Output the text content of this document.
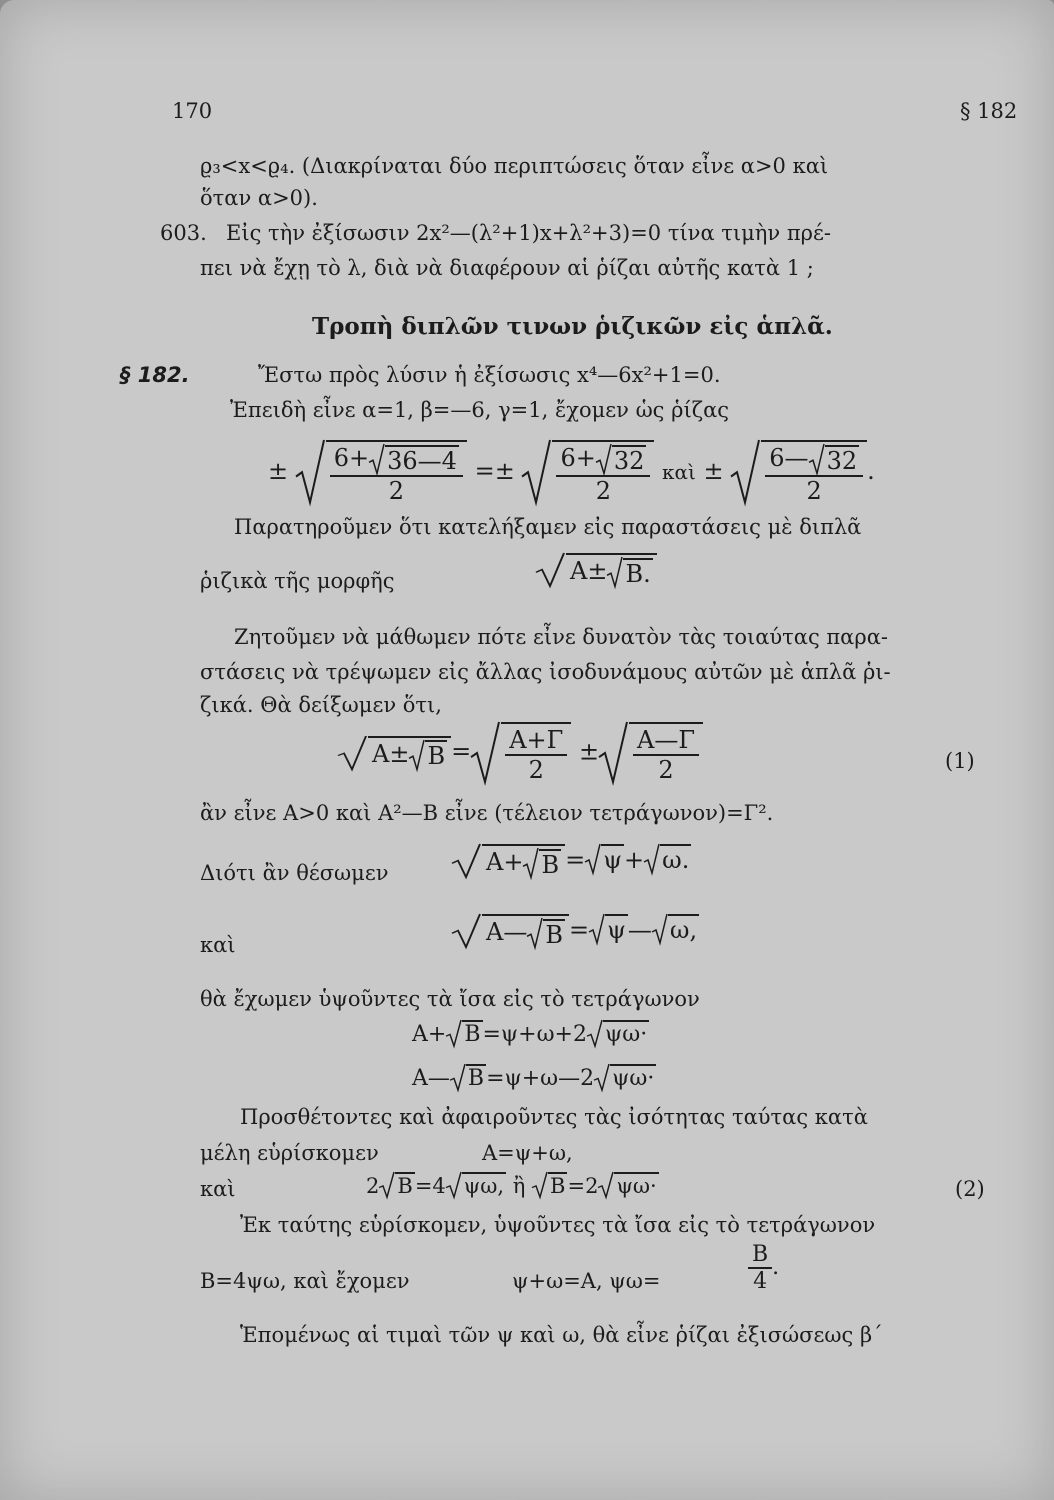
170	§ 182
ϱ₃<x<ϱ₄. (Διακρίναται δύο περιπτώσεις ὅταν εἶνε α>0 καὶ
ὅταν α>0).
603. Εἰς τὴν ἐξίσωσιν 2x²—(λ²+1)x+λ²+3)=0 τίνα τιμὴν πρέ-
πει νὰ ἔχῃ τὸ λ, διὰ νὰ διαφέρουν αἱ ῥίζαι αὐτῆς κατὰ 1 ;
Τροπὴ διπλῶν τινων ῥιζικῶν εἰς ἁπλᾶ.
§ 182.	Ἔστω πρὸς λύσιν ἡ ἐξίσωσις x⁴—6x²+1=0.
Ἐπειδὴ εἶνε α=1, β=—6, γ=1, ἔχομεν ὡς ῥίζας
± $\frac{6+ 36—4}{2} =\pm \frac{6+ 32}{2}$ καὶ ± $\frac{6— 32}{2}$ .
Παρατηροῦμεν ὅτι κατελήξαμεν εἰς παραστάσεις μὲ διπλᾶ
ῥιζικὰ τῆς μορφῆς	Α± Β.
Ζητοῦμεν νὰ μάθωμεν πότε εἶνε δυνατὸν τὰς τοιαύτας παρα-
στάσεις νὰ τρέψωμεν εἰς ἄλλας ἰσοδυνάμους αὐτῶν μὲ ἁπλᾶ ῥι-
ζικά. Θὰ δείξωμεν ὅτι,
$A\pm B = \frac{A+\Gamma}{2} \pm \frac{A—\Gamma}{2}$	(1)
ἂν εἶνε Α>0 καὶ Α²—Β εἶνε (τέλειον τετράγωνον)=Γ².
Διότι ἂν θέσωμεν	Α+ Β = ψ+ ω.
καὶ	Α— Β = ψ— ω,
θὰ ἔχωμεν ὑψοῦντες τὰ ἴσα εἰς τὸ τετράγωνον
Α+ Β=ψ+ω+2 ψω·
Α— Β=ψ+ω—2 ψω·
Προσθέτοντες καὶ ἀφαιροῦντες τὰς ἰσότητας ταύτας κατὰ
μέλη εὑρίσκομεν	Α=ψ+ω,
καὶ	2 Β=4 ψω, ἢ Β=2 ψω·	(2)
Ἐκ ταύτης εὑρίσκομεν, ὑψοῦντες τὰ ἴσα εἰς τὸ τετράγωνον
Β=4ψω, καὶ ἔχομεν	ψ+ω=Α, ψω=	$\frac{B}{4}$ .
Ἑπομένως αἱ τιμαὶ τῶν ψ καὶ ω, θὰ εἶνε ῥίζαι ἐξισώσεως β΄
